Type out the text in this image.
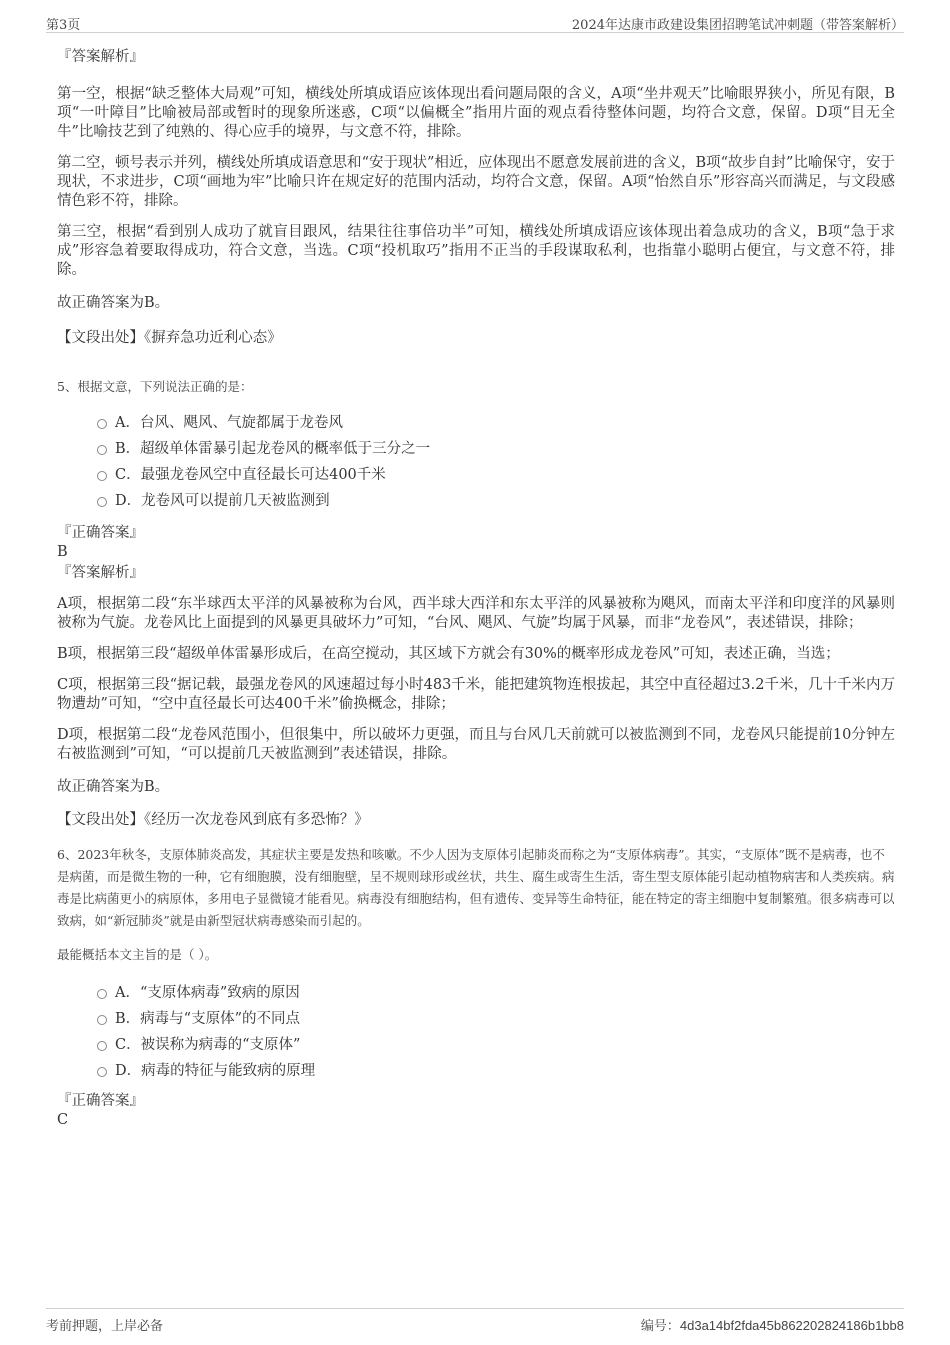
第3页	2024年达康市政建设集团招聘笔试冲刺题（带答案解析）

『答案解析』

第一空，根据“缺乏整体大局观”可知，横线处所填成语应该体现出看问题局限的含义，A项“坐井观天”比喻眼界狭小，所见有限，B项“一叶障目”比喻被局部或暂时的现象所迷惑，C项“以偏概全”指用片面的观点看待整体问题，均符合文意，保留。D项“目无全牛”比喻技艺到了纯熟的、得心应手的境界，与文意不符，排除。

第二空，顿号表示并列，横线处所填成语意思和“安于现状”相近，应体现出不愿意发展前进的含义，B项“故步自封”比喻保守，安于现状，不求进步，C项“画地为牢”比喻只许在规定好的范围内活动，均符合文意，保留。A项“怡然自乐”形容高兴而满足，与文段感情色彩不符，排除。

第三空，根据“看到别人成功了就盲目跟风，结果往往事倍功半”可知，横线处所填成语应该体现出着急成功的含义，B项“急于求成”形容急着要取得成功，符合文意，当选。C项“投机取巧”指用不正当的手段谋取私利，也指靠小聪明占便宜，与文意不符，排除。

故正确答案为B。

【文段出处】《摒弃急功近利心态》

5、根据文意，下列说法正确的是：

A．台风、飓风、气旋都属于龙卷风
B．超级单体雷暴引起龙卷风的概率低于三分之一
C．最强龙卷风空中直径最长可达400千米
D．龙卷风可以提前几天被监测到

『正确答案』

B

『答案解析』

A项，根据第二段“东半球西太平洋的风暴被称为台风，西半球大西洋和东太平洋的风暴被称为飓风，而南太平洋和印度洋的风暴则被称为气旋。龙卷风比上面提到的风暴更具破坏力”可知，“台风、飓风、气旋”均属于风暴，而非“龙卷风”，表述错误，排除；

B项，根据第三段“超级单体雷暴形成后，在高空搅动，其区域下方就会有30%的概率形成龙卷风”可知，表述正确，当选；

C项，根据第三段“据记载，最强龙卷风的风速超过每小时483千米，能把建筑物连根拔起，其空中直径超过3.2千米，几十千米内万物遭劫”可知，“空中直径最长可达400千米”偷换概念，排除；

D项，根据第二段“龙卷风范围小，但很集中，所以破坏力更强，而且与台风几天前就可以被监测到不同，龙卷风只能提前10分钟左右被监测到”可知，“可以提前几天被监测到”表述错误，排除。

故正确答案为B。

【文段出处】《经历一次龙卷风到底有多恐怖？》

6、2023年秋冬，支原体肺炎高发，其症状主要是发热和咳嗽。不少人因为支原体引起肺炎而称之为“支原体病毒”。其实，“支原体”既不是病毒，也不是病菌，而是微生物的一种，它有细胞膜，没有细胞壁，呈不规则球形或丝状，共生、腐生或寄生生活，寄生型支原体能引起动植物病害和人类疾病。病毒是比病菌更小的病原体，多用电子显微镜才能看见。病毒没有细胞结构，但有遗传、变异等生命特征，能在特定的寄主细胞中复制繁殖。很多病毒可以致病，如“新冠肺炎”就是由新型冠状病毒感染而引起的。

最能概括本文主旨的是（ ）。

A．“支原体病毒”致病的原因
B．病毒与“支原体”的不同点
C．被误称为病毒的“支原体”
D．病毒的特征与能致病的原理

『正确答案』

C

考前押题，上岸必备	编号：4d3a14bf2fda45b862202824186b1bb8
